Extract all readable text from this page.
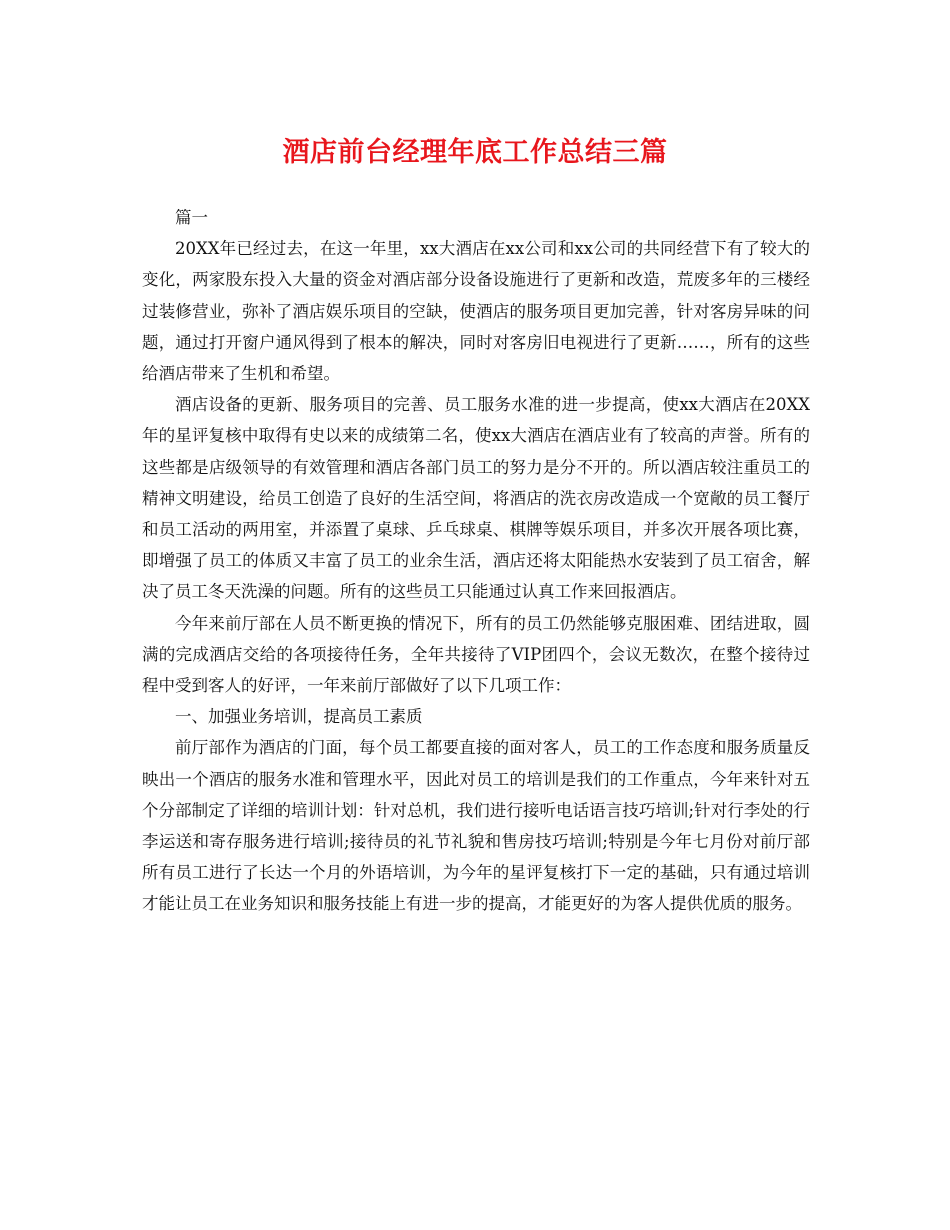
酒店前台经理年底工作总结三篇

篇一

20XX年已经过去，在这一年里，xx大酒店在xx公司和xx公司的共同经营下有了较大的变化，两家股东投入大量的资金对酒店部分设备设施进行了更新和改造，荒废多年的三楼经过装修营业，弥补了酒店娱乐项目的空缺，使酒店的服务项目更加完善，针对客房异味的问题，通过打开窗户通风得到了根本的解决，同时对客房旧电视进行了更新……，所有的这些给酒店带来了生机和希望。

酒店设备的更新、服务项目的完善、员工服务水准的进一步提高，使xx大酒店在20XX年的星评复核中取得有史以来的成绩第二名，使xx大酒店在酒店业有了较高的声誉。所有的这些都是店级领导的有效管理和酒店各部门员工的努力是分不开的。所以酒店较注重员工的精神文明建设，给员工创造了良好的生活空间，将酒店的洗衣房改造成一个宽敞的员工餐厅和员工活动的两用室，并添置了桌球、乒乓球桌、棋牌等娱乐项目，并多次开展各项比赛，即增强了员工的体质又丰富了员工的业余生活，酒店还将太阳能热水安装到了员工宿舍，解决了员工冬天洗澡的问题。所有的这些员工只能通过认真工作来回报酒店。

今年来前厅部在人员不断更换的情况下，所有的员工仍然能够克服困难、团结进取，圆满的完成酒店交给的各项接待任务，全年共接待了VIP团四个，会议无数次，在整个接待过程中受到客人的好评，一年来前厅部做好了以下几项工作：

一、加强业务培训，提高员工素质

前厅部作为酒店的门面，每个员工都要直接的面对客人，员工的工作态度和服务质量反映出一个酒店的服务水准和管理水平，因此对员工的培训是我们的工作重点，今年来针对五个分部制定了详细的培训计划：针对总机，我们进行接听电话语言技巧培训;针对行李处的行李运送和寄存服务进行培训;接待员的礼节礼貌和售房技巧培训;特别是今年七月份对前厅部所有员工进行了长达一个月的外语培训，为今年的星评复核打下一定的基础，只有通过培训才能让员工在业务知识和服务技能上有进一步的提高，才能更好的为客人提供优质的服务。
